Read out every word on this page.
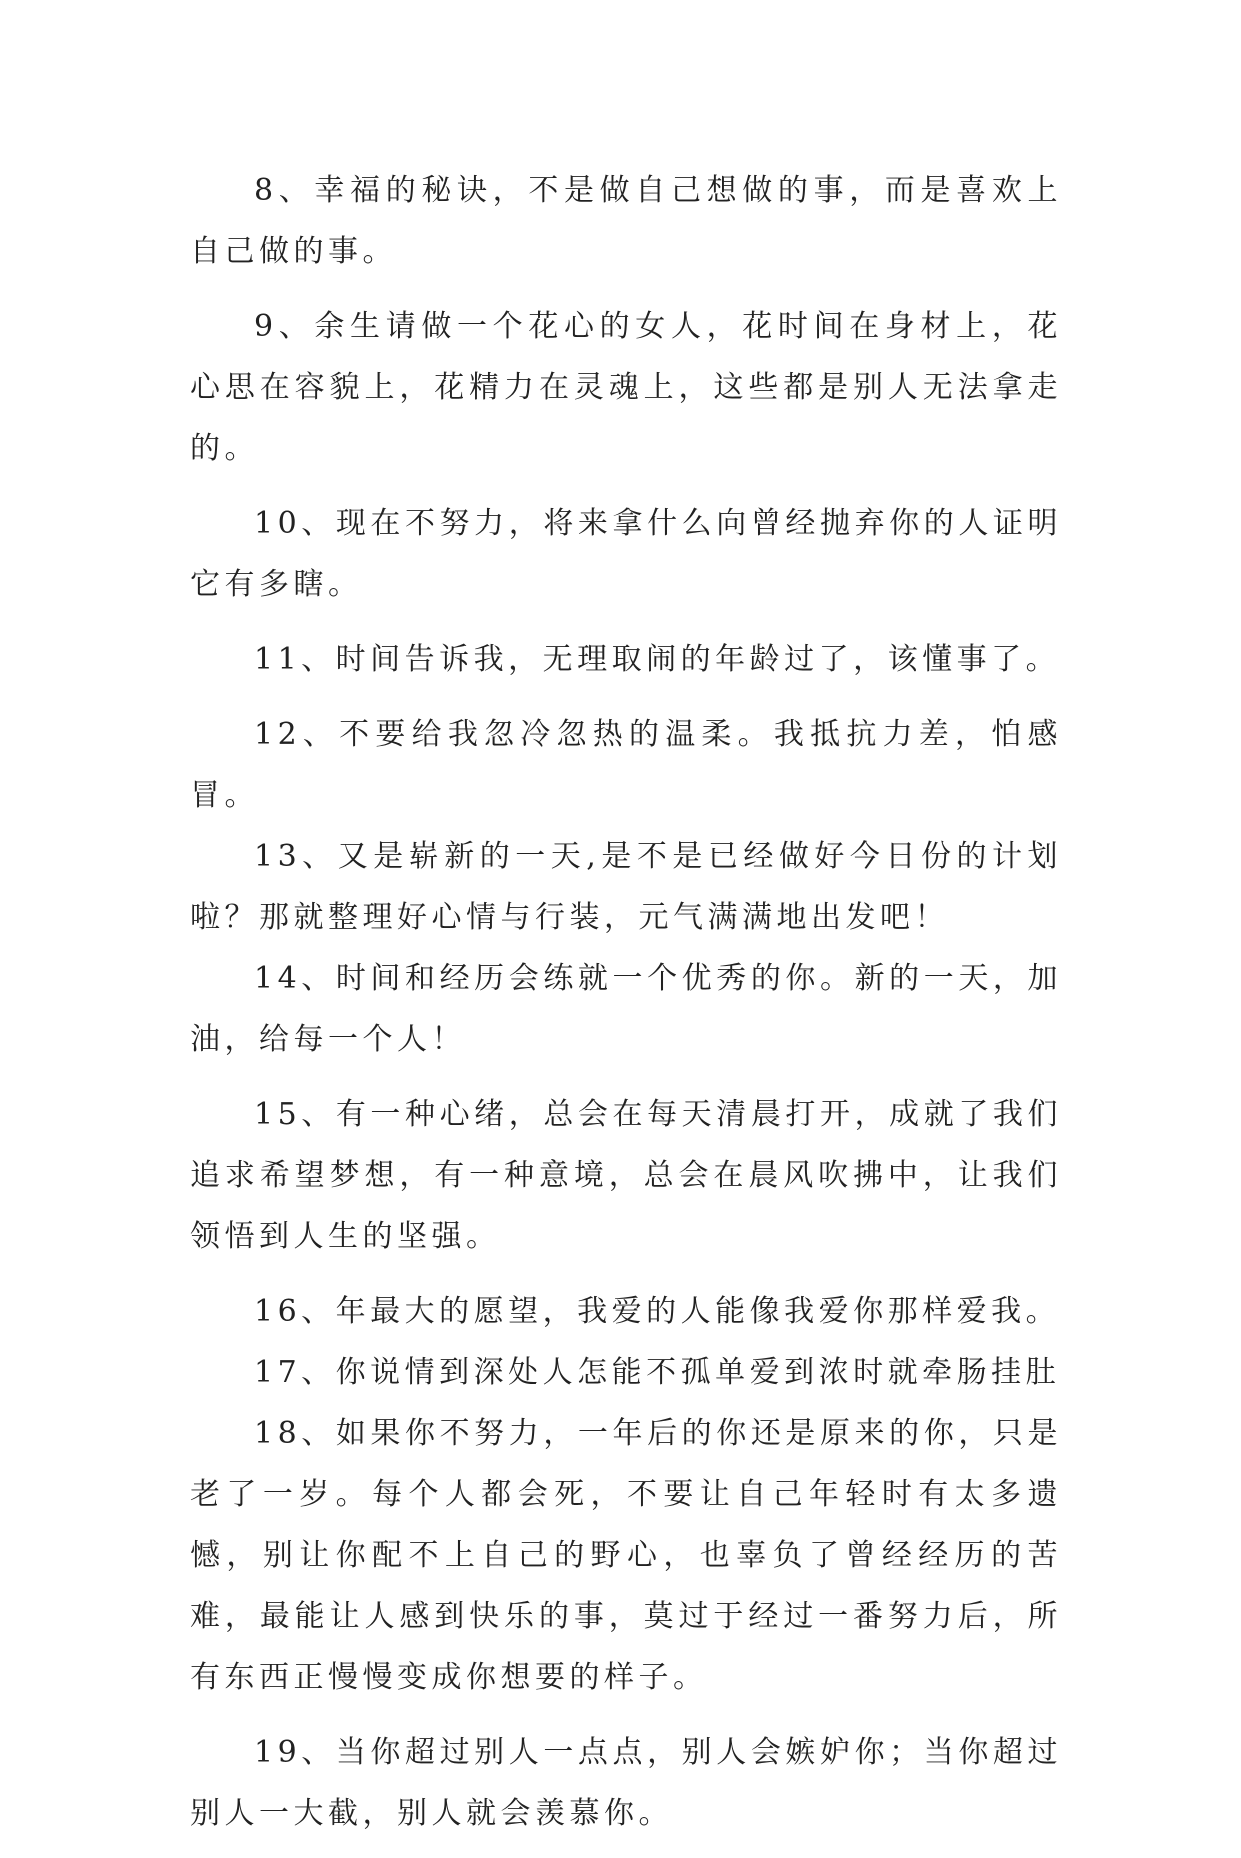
8、幸福的秘诀，不是做自己想做的事，而是喜欢上自己做的事。

9、余生请做一个花心的女人，花时间在身材上，花心思在容貌上，花精力在灵魂上，这些都是别人无法拿走的。

10、现在不努力，将来拿什么向曾经抛弃你的人证明它有多瞎。

11、时间告诉我，无理取闹的年龄过了，该懂事了。

12、不要给我忽冷忽热的温柔。我抵抗力差，怕感冒。

13、又是崭新的一天,是不是已经做好今日份的计划啦？那就整理好心情与行装，元气满满地出发吧！

14、时间和经历会练就一个优秀的你。新的一天，加油，给每一个人！

15、有一种心绪，总会在每天清晨打开，成就了我们追求希望梦想，有一种意境，总会在晨风吹拂中，让我们领悟到人生的坚强。

16、年最大的愿望，我爱的人能像我爱你那样爱我。

17、你说情到深处人怎能不孤单爱到浓时就牵肠挂肚

18、如果你不努力，一年后的你还是原来的你，只是老了一岁。每个人都会死，不要让自己年轻时有太多遗憾，别让你配不上自己的野心，也辜负了曾经经历的苦难，最能让人感到快乐的事，莫过于经过一番努力后，所有东西正慢慢变成你想要的样子。

19、当你超过别人一点点，别人会嫉妒你；当你超过别人一大截，别人就会羡慕你。
